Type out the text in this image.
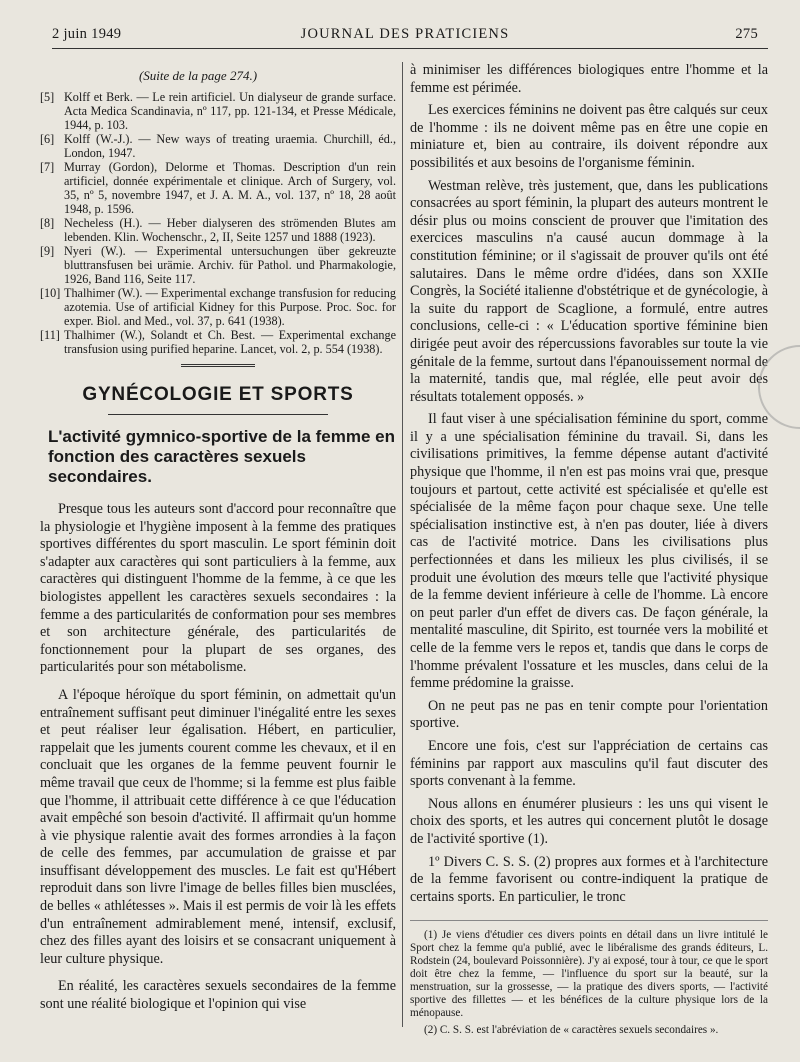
2 juin 1949	JOURNAL DES PRATICIENS	275
(Suite de la page 274.)
[5] Kolff et Berk. — Le rein artificiel. Un dialyseur de grande surface. Acta Medica Scandinavia, nº 117, pp. 121-134, et Presse Médicale, 1944, p. 103.
[6] Kolff (W.-J.). — New ways of treating uraemia. Churchill, éd., London, 1947.
[7] Murray (Gordon), Delorme et Thomas. Description d'un rein artificiel, donnée expérimentale et clinique. Arch of Surgery, vol. 35, nº 5, novembre 1947, et J. A. M. A., vol. 137, nº 18, 28 août 1948, p. 1596.
[8] Necheless (H.). — Heber dialyseren des strömenden Blutes am lebenden. Klin. Wochenschr., 2, II, Seite 1257 und 1888 (1923).
[9] Nyeri (W.). — Experimental untersuchungen über gekreuzte bluttransfusen bei urämie. Archiv. für Pathol. und Pharmakologie, 1926, Band 116, Seite 117.
[10] Thalhimer (W.). — Experimental exchange transfusion for reducing azotemia. Use of artificial Kidney for this Purpose. Proc. Soc. for exper. Biol. and Med., vol. 37, p. 641 (1938).
[11] Thalhimer (W.), Solandt et Ch. Best. — Experimental exchange transfusion using purified heparine. Lancet, vol. 2, p. 554 (1938).
GYNÉCOLOGIE ET SPORTS
L'activité gymnico-sportive de la femme en fonction des caractères sexuels secondaires.

Presque tous les auteurs sont d'accord pour reconnaître que la physiologie et l'hygiène imposent à la femme des pratiques sportives différentes du sport masculin. Le sport féminin doit s'adapter aux caractères qui sont particuliers à la femme, aux caractères qui distinguent l'homme de la femme, à ce que les biologistes appellent les caractères sexuels secondaires : la femme a des particularités de conformation pour ses membres et son architecture générale, des particularités de fonctionnement pour la plupart de ses organes, des particularités pour son métabolisme.

A l'époque héroïque du sport féminin, on admettait qu'un entraînement suffisant peut diminuer l'inégalité entre les sexes et peut réaliser leur égalisation. Hébert, en particulier, rappelait que les juments courent comme les chevaux, et il en concluait que les organes de la femme peuvent fournir le même travail que ceux de l'homme; si la femme est plus faible que l'homme, il attribuait cette différence à ce que l'éducation avait empêché son besoin d'activité. Il affirmait qu'un homme à vie physique ralentie avait des formes arrondies à la façon de celle des femmes, par accumulation de graisse et par insuffisant développement des muscles. Le fait est qu'Hébert reproduit dans son livre l'image de belles filles bien musclées, de belles « athlétesses ». Mais il est permis de voir là les effets d'un entraînement admirablement mené, intensif, exclusif, chez des filles ayant des loisirs et se consacrant uniquement à leur culture physique.

En réalité, les caractères sexuels secondaires de la femme sont une réalité biologique et l'opinion qui vise

à minimiser les différences biologiques entre l'homme et la femme est périmée.

Les exercices féminins ne doivent pas être calqués sur ceux de l'homme : ils ne doivent même pas en être une copie en miniature et, bien au contraire, ils doivent répondre aux possibilités et aux besoins de l'organisme féminin.

Westman relève, très justement, que, dans les publications consacrées au sport féminin, la plupart des auteurs montrent le désir plus ou moins conscient de prouver que l'imitation des exercices masculins n'a causé aucun dommage à la constitution féminine; or il s'agissait de prouver qu'ils ont été salutaires. Dans le même ordre d'idées, dans son XXIIe Congrès, la Société italienne d'obstétrique et de gynécologie, à la suite du rapport de Scaglione, a formulé, entre autres conclusions, celle-ci : « L'éducation sportive féminine bien dirigée peut avoir des répercussions favorables sur toute la vie génitale de la femme, surtout dans l'épanouissement normal de la maternité, tandis que, mal réglée, elle peut avoir des résultats totalement opposés. »

Il faut viser à une spécialisation féminine du sport, comme il y a une spécialisation féminine du travail. Si, dans les civilisations primitives, la femme dépense autant d'activité physique que l'homme, il n'en est pas moins vrai que, presque toujours et partout, cette activité est spécialisée et qu'elle est spécialisée de la même façon pour chaque sexe. Une telle spécialisation instinctive est, à n'en pas douter, liée à divers cas de l'activité motrice. Dans les civilisations plus perfectionnées et dans les milieux les plus civilisés, il se produit une évolution des mœurs telle que l'activité physique de la femme devient inférieure à celle de l'homme. Là encore on peut parler d'un effet de divers cas. De façon générale, la mentalité masculine, dit Spirito, est tournée vers la mobilité et celle de la femme vers le repos et, tandis que dans le corps de l'homme prévalent l'ossature et les muscles, dans celui de la femme prédomine la graisse.

On ne peut pas ne pas en tenir compte pour l'orientation sportive.

Encore une fois, c'est sur l'appréciation de certains cas féminins par rapport aux masculins qu'il faut discuter des sports convenant à la femme.

Nous allons en énumérer plusieurs : les uns qui visent le choix des sports, et les autres qui concernent plutôt le dosage de l'activité sportive (1).

1º Divers C. S. S. (2) propres aux formes et à l'architecture de la femme favorisent ou contre-indiquent la pratique de certains sports. En particulier, le tronc

(1) Je viens d'étudier ces divers points en détail dans un livre intitulé le Sport chez la femme qu'a publié, avec le libéralisme des grands éditeurs, L. Rodstein (24, boulevard Poissonnière). J'y ai exposé, tour à tour, ce que le sport doit être chez la femme, — l'influence du sport sur la beauté, sur la menstruation, sur la grossesse, — la pratique des divers sports, — l'activité sportive des fillettes — et les bénéfices de la culture physique lors de la ménopause.

(2) C. S. S. est l'abréviation de « caractères sexuels secondaires ».
